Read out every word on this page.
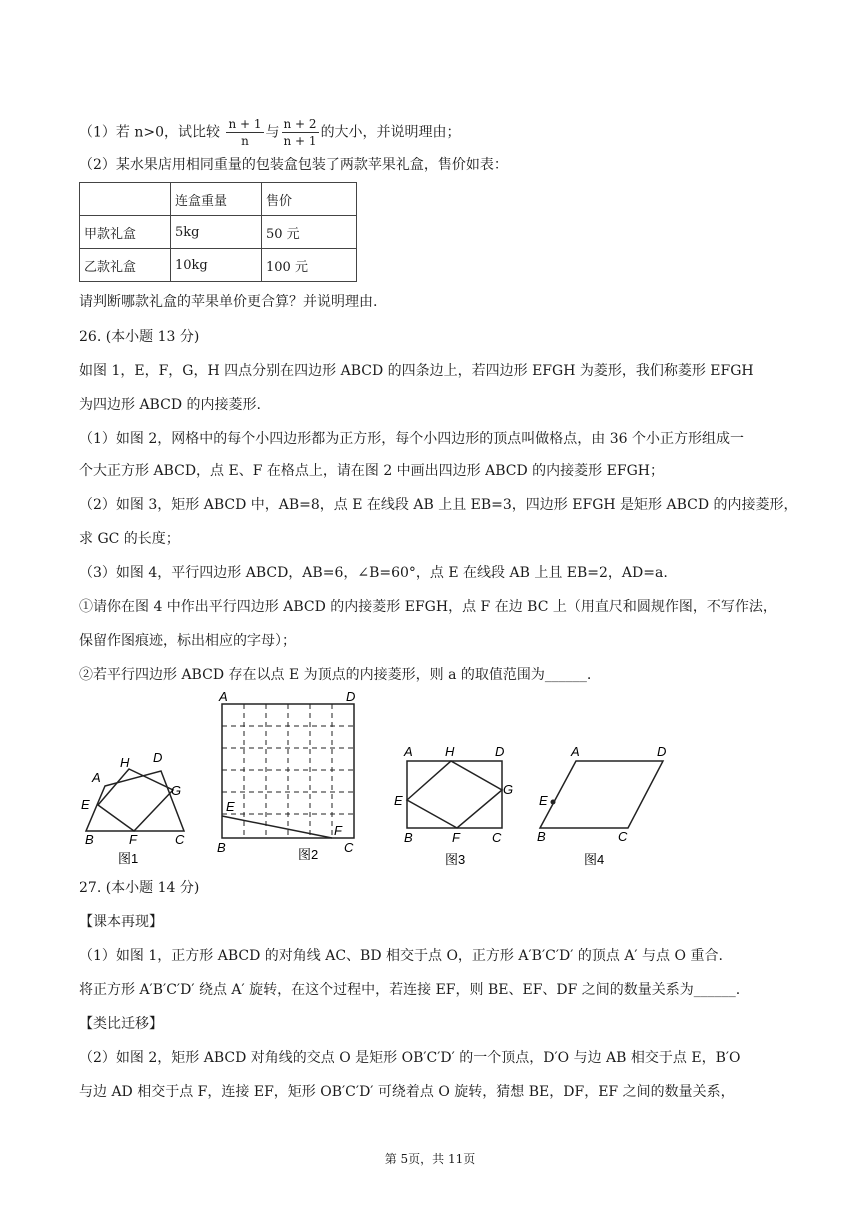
（1）若 n>0，试比较 $\frac{n + 1}{n}$ 与 $\frac{n + 2}{n + 1}$ 的大小，并说明理由；
（2）某水果店用相同重量的包装盒包装了两款苹果礼盒，售价如表：
	连盒重量	售价
甲款礼盒	5kg	50 元
乙款礼盒	10kg	100 元
请判断哪款礼盒的苹果单价更合算？并说明理由.
26. (本小题 13 分)
如图 1，E，F，G，H 四点分别在四边形 ABCD 的四条边上，若四边形 EFGH 为菱形，我们称菱形 EFGH
为四边形 ABCD 的内接菱形.
（1）如图 2，网格中的每个小四边形都为正方形，每个小四边形的顶点叫做格点，由 36 个小正方形组成一
个大正方形 ABCD，点 E、F 在格点上，请在图 2 中画出四边形 ABCD 的内接菱形 EFGH；
（2）如图 3，矩形 ABCD 中，AB=8，点 E 在线段 AB 上且 EB=3，四边形 EFGH 是矩形 ABCD 的内接菱形，
求 GC 的长度；
（3）如图 4，平行四边形 ABCD，AB=6，∠B=60°，点 E 在线段 AB 上且 EB=2，AD=a.
①请你在图 4 中作出平行四边形 ABCD 的内接菱形 EFGH，点 F 在边 BC 上（用直尺和圆规作图，不写作法，
保留作图痕迹，标出相应的字母）；
②若平行四边形 ABCD 存在以点 E 为顶点的内接菱形，则 a 的取值范围为______.
A
H D
E
G
B	F	C
图1
A	D
E
F
B	C
图2
A H	D
E
G
B	F C
图3
A	D
E
B	C
图4
27. (本小题 14 分)
【课本再现】
（1）如图 1，正方形 ABCD 的对角线 AC、BD 相交于点 O，正方形 A′B′C′D′ 的顶点 A′ 与点 O 重合.
将正方形 A′B′C′D′ 绕点 A′ 旋转，在这个过程中，若连接 EF，则 BE、EF、DF 之间的数量关系为______.
【类比迁移】
（2）如图 2，矩形 ABCD 对角线的交点 O 是矩形 OB′C′D′ 的一个顶点，D′O 与边 AB 相交于点 E，B′O
与边 AD 相交于点 F，连接 EF，矩形 OB′C′D′ 可绕着点 O 旋转，猜想 BE，DF，EF 之间的数量关系，
第 5页，共 11页
